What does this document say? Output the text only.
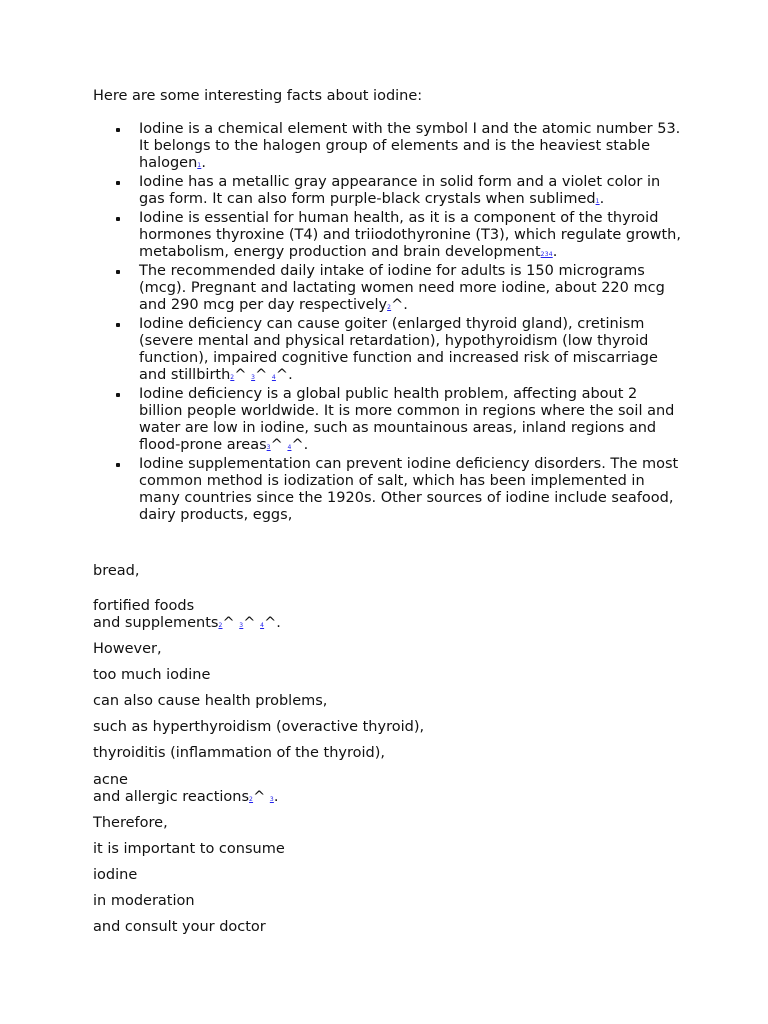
Here are some interesting facts about iodine:

Iodine is a chemical element with the symbol I and the atomic number 53. It belongs to the halogen group of elements and is the heaviest stable halogen1.
Iodine has a metallic gray appearance in solid form and a violet color in gas form. It can also form purple-black crystals when sublimed1.
Iodine is essential for human health, as it is a component of the thyroid hormones thyroxine (T4) and triiodothyronine (T3), which regulate growth, metabolism, energy production and brain development234.
The recommended daily intake of iodine for adults is 150 micrograms (mcg). Pregnant and lactating women need more iodine, about 220 mcg and 290 mcg per day respectively2^.
Iodine deficiency can cause goiter (enlarged thyroid gland), cretinism (severe mental and physical retardation), hypothyroidism (low thyroid function), impaired cognitive function and increased risk of miscarriage and stillbirth2^ 3^ 4^.
Iodine deficiency is a global public health problem, affecting about 2 billion people worldwide. It is more common in regions where the soil and water are low in iodine, such as mountainous areas, inland regions and flood-prone areas3^ 4^.
Iodine supplementation can prevent iodine deficiency disorders. The most common method is iodization of salt, which has been implemented in many countries since the 1920s. Other sources of iodine include seafood, dairy products, eggs,
bread,
fortified foods
and supplements2^ 3^ 4^.
However,
too much iodine
can also cause health problems,
such as hyperthyroidism (overactive thyroid),
thyroiditis (inflammation of the thyroid),
acne
and allergic reactions2^ 3.
Therefore,
it is important to consume
iodine
in moderation
and consult your doctor
